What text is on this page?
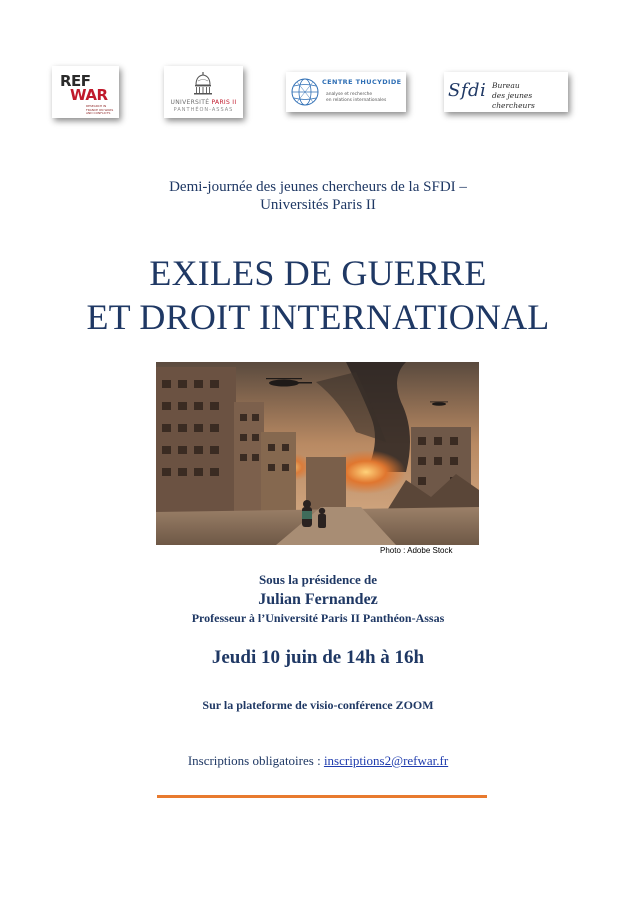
REF
WAR
RESEARCH IN FRANCE ON WARS AND CONFLICTS
UNIVERSITÉ PARIS II
PANTHÉON-ASSAS
CENTRE THUCYDIDE
analyse et recherche
en relations internationales	Sfdi Bureau
des jeunes chercheurs
Demi-journée des jeunes chercheurs de la SFDI –
Universités Paris II
EXILES DE GUERRE
ET DROIT INTERNATIONAL
Photo : Adobe Stock
Sous la présidence de
Julian Fernandez
Professeur à l’Université Paris II Panthéon-Assas
Jeudi 10 juin de 14h à 16h
Sur la plateforme de visio-conférence ZOOM
Inscriptions obligatoires : inscriptions2@refwar.fr
